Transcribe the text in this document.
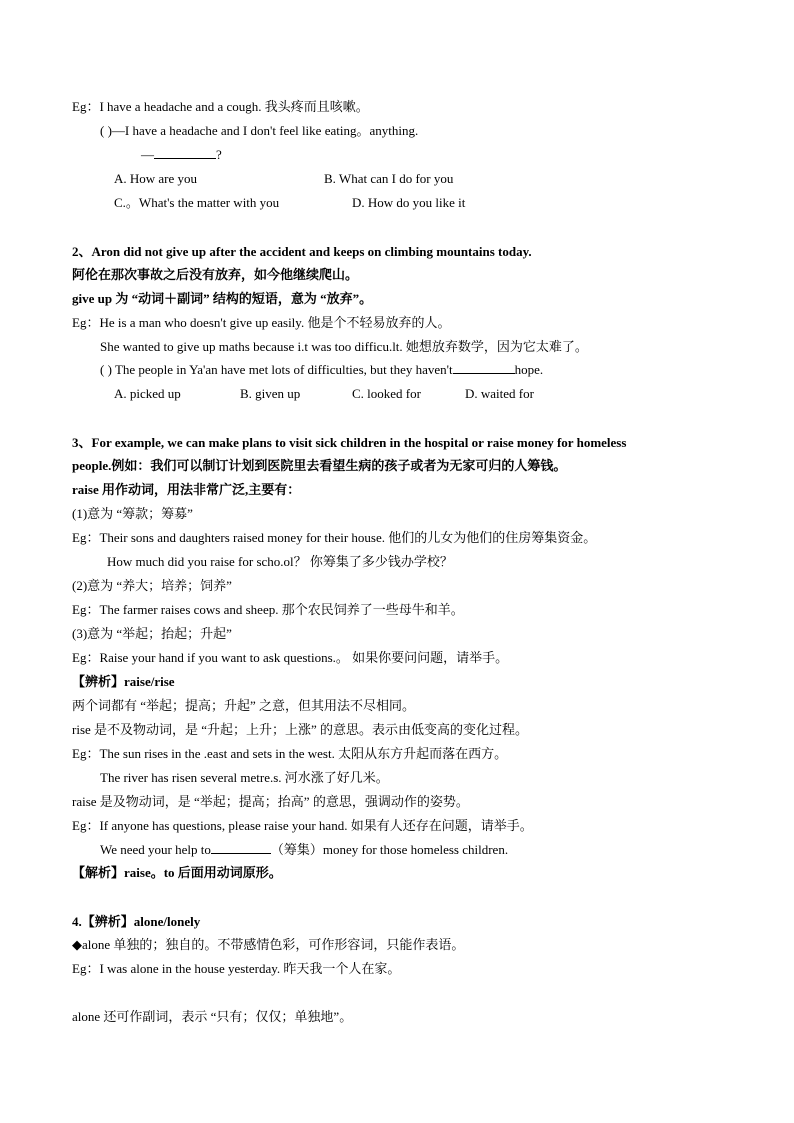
Eg：I have a headache and a cough. 我头疼而且咳嗽。
( )—I have a headache and I don't feel like eating。anything.
—	?
A. How are you	B. What can I do for you
C.。What's the matter with you	D. How do you like it
2、Aron did not give up after the accident and keeps on climbing mountains today.
阿伦在那次事故之后没有放弃，如今他继续爬山。
give up 为 “动词＋副词” 结构的短语，意为 “放弃”。
Eg：He is a man who doesn't give up easily. 他是个不轻易放弃的人。
She wanted to give up maths because i.t was too difficu.lt. 她想放弃数学，因为它太难了。
( ) The people in Ya'an have met lots of difficulties, but they haven't	hope.
A. picked up	B. given up	C. looked for	D. waited for
3、For example, we can make plans to visit sick children in the hospital or raise money for homeless
people.例如：我们可以制订计划到医院里去看望生病的孩子或者为无家可归的人筹钱。
raise 用作动词，用法非常广泛,主要有：
(1)意为 “筹款；筹募”
Eg：Their sons and daughters raised money for their house. 他们的儿女为他们的住房筹集资金。
How much did you raise for scho.ol？ 你筹集了多少钱办学校？
(2)意为 “养大；培养；饲养”
Eg：The farmer raises cows and sheep. 那个农民饲养了一些母牛和羊。
(3)意为 “举起；抬起；升起”
Eg：Raise your hand if you want to ask questions.。 如果你要问问题，请举手。
【辨析】raise/rise
两个词都有 “举起；提高；升起” 之意，但其用法不尽相同。
rise 是不及物动词，是 “升起；上升；上涨” 的意思。表示由低变高的变化过程。
Eg：The sun rises in the .east and sets in the west. 太阳从东方升起而落在西方。
The river has risen several metre.s. 河水涨了好几米。
raise 是及物动词，是 “举起；提高；抬高” 的意思，强调动作的姿势。
Eg：If anyone has questions, please raise your hand. 如果有人还存在问题，请举手。
We need your help to	（筹集）money for those homeless children.
【解析】raise。to 后面用动词原形。
4.【辨析】alone/lonely
◆alone 单独的；独自的。不带感情色彩，可作形容词，只能作表语。
Eg：I was alone in the house yesterday. 昨天我一个人在家。
alone 还可作副词，表示 “只有；仅仅；单独地”。
